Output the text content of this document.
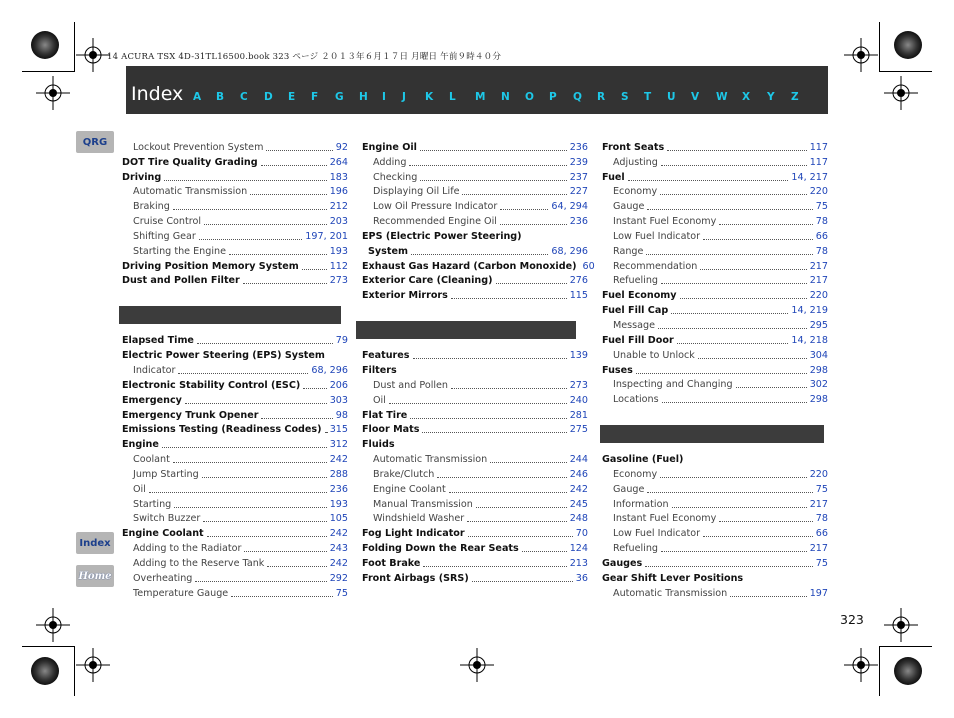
14 ACURA TSX 4D-31TL16500.book 323 ページ ２０１３年６月１７日 月曜日 午前９時４０分
Index A	B	C	D	E	F	G	H	I	J	K	L	M	N	O	P	Q	R	S	T	U	V	W	X	Y	Z
QRG
Index
Home
Lockout Prevention System	92
DOT Tire Quality Grading	264
Driving	183
Automatic Transmission	196
Braking	212
Cruise Control	203
Shifting Gear	197, 201
Starting the Engine	193
Driving Position Memory System	112
Dust and Pollen Filter	273
Elapsed Time	79
Electric Power Steering (EPS) System
Indicator	68, 296
Electronic Stability Control (ESC)	206
Emergency	303
Emergency Trunk Opener	98
Emissions Testing (Readiness Codes) 315
Engine	312
Coolant	242
Jump Starting	288
Oil	236
Starting	193
Switch Buzzer	105
Engine Coolant	242
Adding to the Radiator	243
Adding to the Reserve Tank	242
Overheating	292
Temperature Gauge	75
Engine Oil	236
Adding	239
Checking	237
Displaying Oil Life	227
Low Oil Pressure Indicator	64, 294
Recommended Engine Oil	236
EPS (Electric Power Steering)
System	68, 296
Exhaust Gas Hazard (Carbon Monoxide) 60
Exterior Care (Cleaning)	276
Exterior Mirrors	115
Features	139
Filters
Dust and Pollen	273
Oil	240
Flat Tire	281
Floor Mats	275
Fluids
Automatic Transmission	244
Brake/Clutch	246
Engine Coolant	242
Manual Transmission	245
Windshield Washer	248
Fog Light Indicator	70
Folding Down the Rear Seats	124
Foot Brake	213
Front Airbags (SRS)	36
Front Seats	117
Adjusting	117
Fuel	14, 217
Economy	220
Gauge	75
Instant Fuel Economy	78
Low Fuel Indicator	66
Range	78
Recommendation	217
Refueling	217
Fuel Economy	220
Fuel Fill Cap	14, 219
Message	295
Fuel Fill Door	14, 218
Unable to Unlock	304
Fuses	298
Inspecting and Changing	302
Locations	298
Gasoline (Fuel)
Economy	220
Gauge	75
Information	217
Instant Fuel Economy	78
Low Fuel Indicator	66
Refueling	217
Gauges	75
Gear Shift Lever Positions
Automatic Transmission	197
323
